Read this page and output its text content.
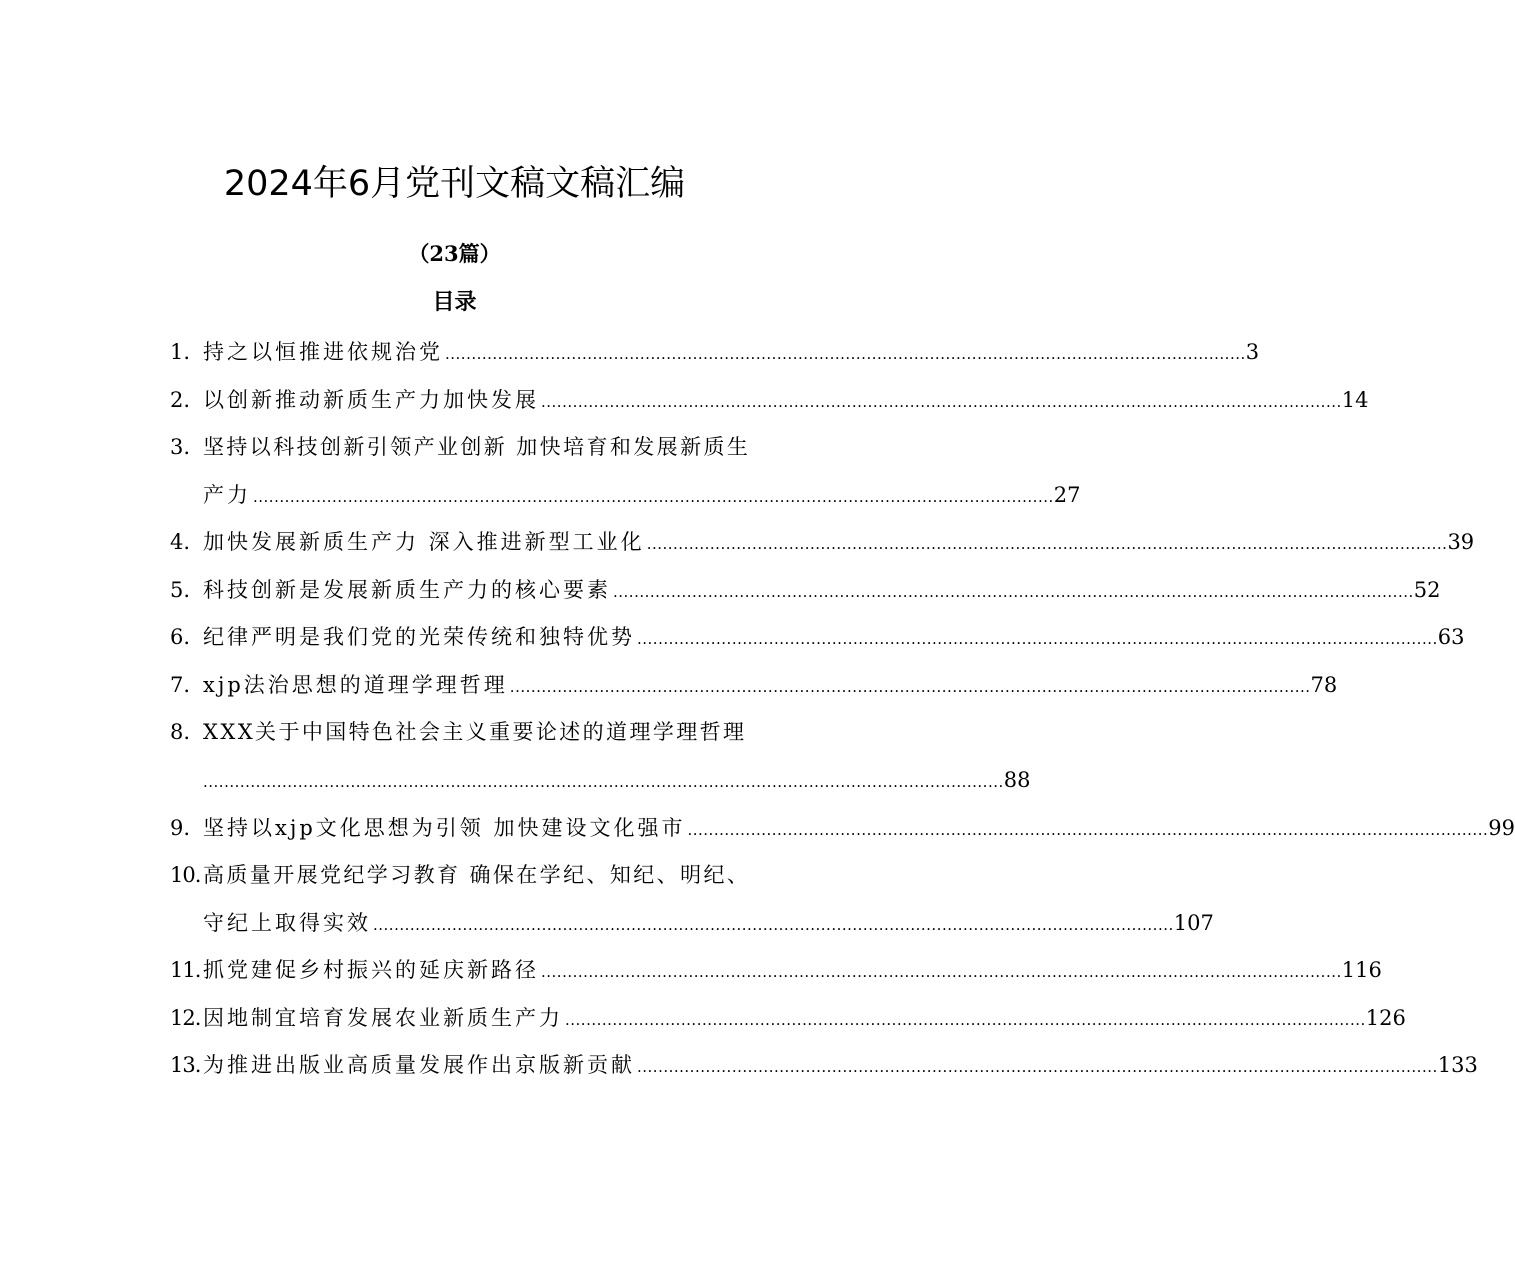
2024年6月党刊文稿文稿汇编
（23篇）
目录
1. 持之以恒推进依规治党 ........................................................................................................................................................ 3
2. 以创新推动新质生产力加快发展 ........................................................................................................................................................ 14
3. 坚持以科技创新引领产业创新 加快培育和发展新质生
产力 ........................................................................................................................................................ 27
4. 加快发展新质生产力 深入推进新型工业化 ........................................................................................................................................................ 39
5. 科技创新是发展新质生产力的核心要素 ........................................................................................................................................................ 52
6. 纪律严明是我们党的光荣传统和独特优势 ........................................................................................................................................................ 63
7. xjp法治思想的道理学理哲理 ........................................................................................................................................................ 78
8. XXX关于中国特色社会主义重要论述的道理学理哲理
........................................................................................................................................................ 88
9. 坚持以xjp文化思想为引领 加快建设文化强市 ........................................................................................................................................................ 99
10. 高质量开展党纪学习教育 确保在学纪、知纪、明纪、
守纪上取得实效 ........................................................................................................................................................ 107
11. 抓党建促乡村振兴的延庆新路径 ........................................................................................................................................................ 116
12. 因地制宜培育发展农业新质生产力 ........................................................................................................................................................ 126
13. 为推进出版业高质量发展作出京版新贡献 ........................................................................................................................................................ 133
